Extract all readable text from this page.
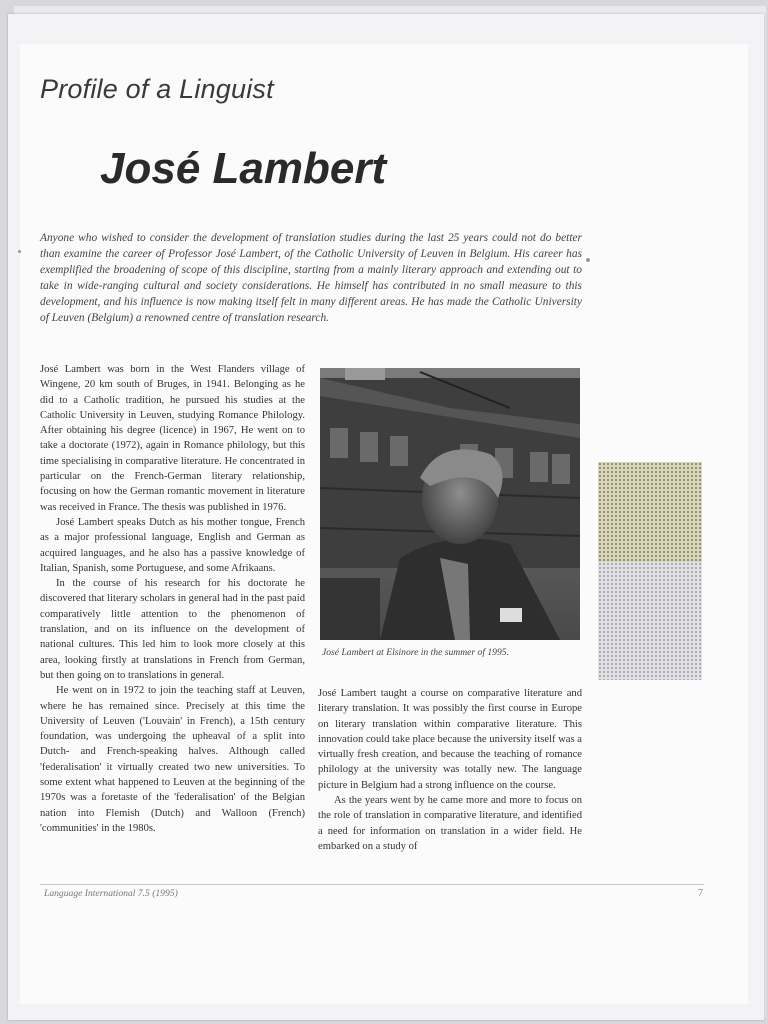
Profile of a Linguist
José Lambert
Anyone who wished to consider the development of translation studies during the last 25 years could not do better than examine the career of Professor José Lambert, of the Catholic University of Leuven in Belgium. His career has exemplified the broadening of scope of this discipline, starting from a mainly literary approach and extending out to take in wide-ranging cultural and society considerations. He himself has contributed in no small measure to this development, and his influence is now making itself felt in many different areas. He has made the Catholic University of Leuven (Belgium) a renowned centre of translation research.

José Lambert was born in the West Flanders village of Wingene, 20 km south of Bruges, in 1941. Belonging as he did to a Catholic tradition, he pursued his studies at the Catholic University in Leuven, studying Romance Philology. After obtaining his degree (licence) in 1967, He went on to take a doctorate (1972), again in Romance philology, but this time specialising in comparative literature. He concentrated in particular on the French-German literary relationship, focusing on how the German romantic movement in literature was received in France. The thesis was published in 1976.

José Lambert speaks Dutch as his mother tongue, French as a major professional language, English and German as acquired languages, and he also has a passive knowledge of Italian, Spanish, some Portuguese, and some Afrikaans.

In the course of his research for his doctorate he discovered that literary scholars in general had in the past paid comparatively little attention to the phenomenon of translation, and on its influence on the development of national cultures. This led him to look more closely at this area, looking firstly at translations in French from German, but then going on to translations in general.

He went on in 1972 to join the teaching staff at Leuven, where he has remained since. Precisely at this time the University of Leuven ('Louvain' in French), a 15th century foundation, was undergoing the upheaval of a split into Dutch- and French-speaking halves. Although called 'federalisation' it virtually created two new universities. To some extent what happened to Leuven at the beginning of the 1970s was a foretaste of the 'federalisation' of the Belgian nation into Flemish (Dutch) and Walloon (French) 'communities' in the 1980s.

José Lambert at Elsinore in the summer of 1995.

José Lambert taught a course on comparative literature and literary translation. It was possibly the first course in Europe on literary translation within comparative literature. This innovation could take place because the university itself was a virtually fresh creation, and because the teaching of romance philology at the university was totally new. The language picture in Belgium had a strong influence on the course.

As the years went by he came more and more to focus on the role of translation in comparative literature, and identified a need for information on translation in a wider field. He embarked on a study of

Language International 7.5 (1995)	7
